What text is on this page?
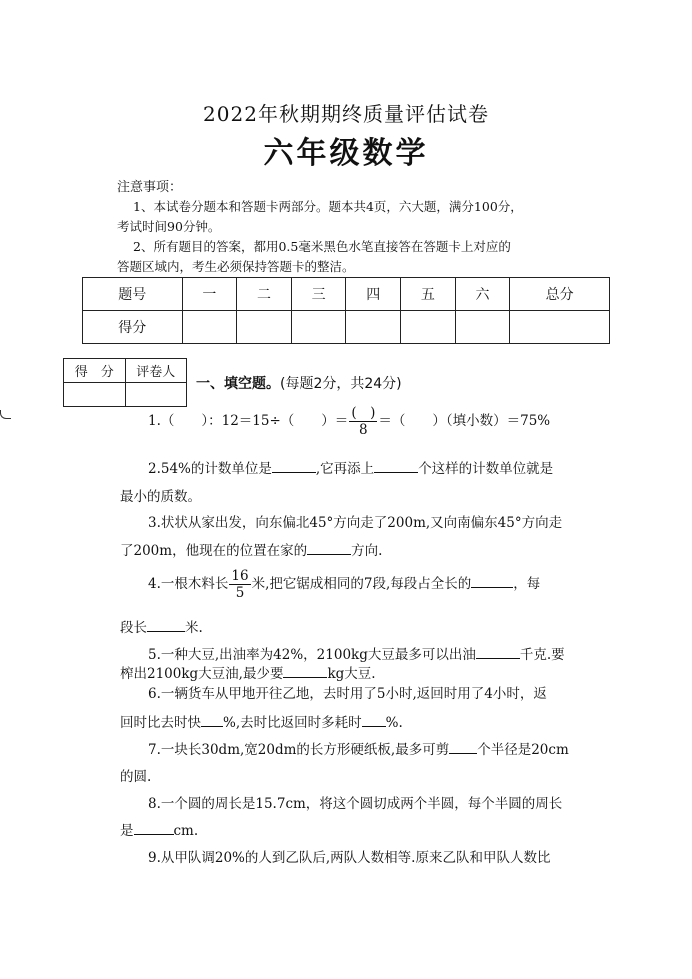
2022年秋期期终质量评估试卷
六年级数学
注意事项：
1、本试卷分题本和答题卡两部分。题本共4页，六大题，满分100分，
考试时间90分钟。
2、所有题目的答案，都用0.5毫米黑色水笔直接答在答题卡上对应的
答题区域内，考生必须保持答题卡的整洁。
题号	一	二	三	四	五	六	总分
得分							
得　分	评卷人

一、填空题。(每题2分，共24分)
1.（　　）：12＝15÷（　　）＝ $\frac{( )}{8}$ ＝（　　）（填小数）＝75%
2.54%的计数单位是	,它再添上	个这样的计数单位就是
最小的质数。
3.状状从家出发，向东偏北45°方向走了200m,又向南偏东45°方向走
了200m，他现在的位置在家的	方向.
4.一根木料长 $\frac{16}{5}$ 米,把它锯成相同的7段,每段占全长的	，每
段长	米.
5.一种大豆,出油率为42%，2100kg大豆最多可以出油	千克.要
榨出2100kg大豆油,最少要	kg大豆.
6.一辆货车从甲地开往乙地，去时用了5小时,返回时用了4小时，返
回时比去时快 %,去时比返回时多耗时 %.
7.一块长30dm,宽20dm的长方形硬纸板,最多可剪 个半径是20cm
的圆.
8.一个圆的周长是15.7cm，将这个圆切成两个半圆，每个半圆的周长
是	cm.
9.从甲队调20%的人到乙队后,两队人数相等.原来乙队和甲队人数比
